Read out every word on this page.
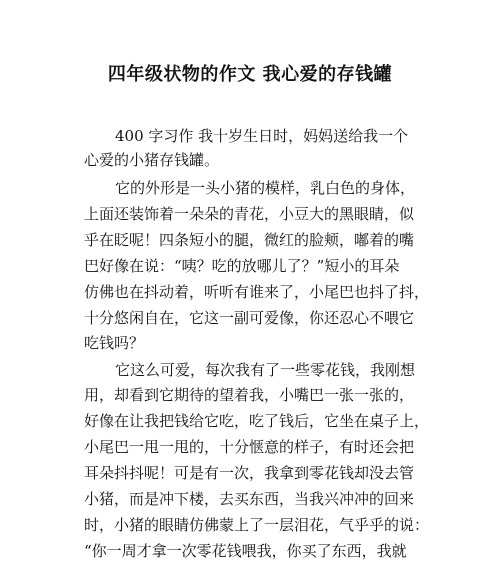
四年级状物的作文 我心爱的存钱罐
400 字习作 我十岁生日时，妈妈送给我一个
心爱的小猪存钱罐。
它的外形是一头小猪的模样，乳白色的身体，
上面还装饰着一朵朵的青花，小豆大的黑眼睛，似
乎在眨呢！四条短小的腿，微红的脸颊，嘟着的嘴
巴好像在说：“咦？吃的放哪儿了？”短小的耳朵
仿佛也在抖动着，听听有谁来了，小尾巴也抖了抖，
十分悠闲自在，它这一副可爱像，你还忍心不喂它
吃钱吗？
它这么可爱，每次我有了一些零花钱，我刚想
用，却看到它期待的望着我，小嘴巴一张一张的，
好像在让我把钱给它吃，吃了钱后，它坐在桌子上，
小尾巴一甩一甩的，十分惬意的样子，有时还会把
耳朵抖抖呢！可是有一次，我拿到零花钱却没去管
小猪，而是冲下楼，去买东西，当我兴冲冲的回来
时，小猪的眼睛仿佛蒙上了一层泪花，气乎乎的说：
“你一周才拿一次零花钱喂我，你买了东西，我就
